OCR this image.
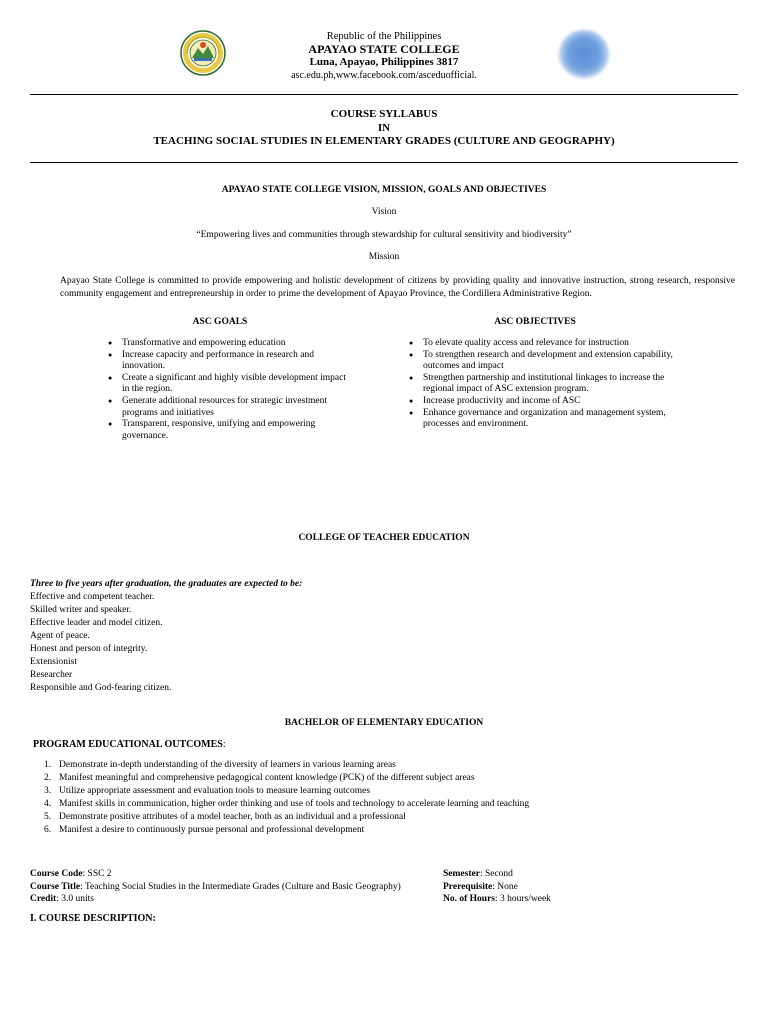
Republic of the Philippines
APAYAO STATE COLLEGE
Luna, Apayao, Philippines 3817
asc.edu.ph,www.facebook.com/asceduofficial.
COURSE SYLLABUS
IN
TEACHING SOCIAL STUDIES IN ELEMENTARY GRADES (CULTURE AND GEOGRAPHY)
APAYAO STATE COLLEGE VISION, MISSION, GOALS AND OBJECTIVES
Vision
“Empowering lives and communities through stewardship for cultural sensitivity and biodiversity”
Mission
Apayao State College is committed to provide empowering and holistic development of citizens by providing quality and innovative instruction, strong research, responsive community engagement and entrepreneurship in order to prime the development of Apayao Province, the Cordillera Administrative Region.
ASC GOALS
● Transformative and empowering education
● Increase capacity and performance in research and innovation.
● Create a significant and highly visible development impact in the region.
● Generate additional resources for strategic investment programs and initiatives
● Transparent, responsive, unifying and empowering governance.
ASC OBJECTIVES
● To elevate quality access and relevance for instruction
● To strengthen research and development and extension capability, outcomes and impact
● Strengthen partnership and institutional linkages to increase the regional impact of ASC extension program.
● Increase productivity and income of ASC
● Enhance governance and organization and management system, processes and environment.
COLLEGE OF TEACHER EDUCATION
Three to five years after graduation, the graduates are expected to be:
Effective and competent teacher.
Skilled writer and speaker.
Effective leader and model citizen.
Agent of peace.
Honest and person of integrity.
Extensionist
Researcher
Responsible and God-fearing citizen.
BACHELOR OF ELEMENTARY EDUCATION
PROGRAM EDUCATIONAL OUTCOMES:
1. Demonstrate in-depth understanding of the diversity of learners in various learning areas
2. Manifest meaningful and comprehensive pedagogical content knowledge (PCK) of the different subject areas
3. Utilize appropriate assessment and evaluation tools to measure learning outcomes
4. Manifest skills in communication, higher order thinking and use of tools and technology to accelerate learning and teaching
5. Demonstrate positive attributes of a model teacher, both as an individual and a professional
6. Manifest a desire to continuously pursue personal and professional development
Course Code: SSC 2
Course Title: Teaching Social Studies in the Intermediate Grades (Culture and Basic Geography)
Credit: 3.0 units
Semester: Second
Prerequisite: None
No. of Hours: 3 hours/week
I. COURSE DESCRIPTION:
